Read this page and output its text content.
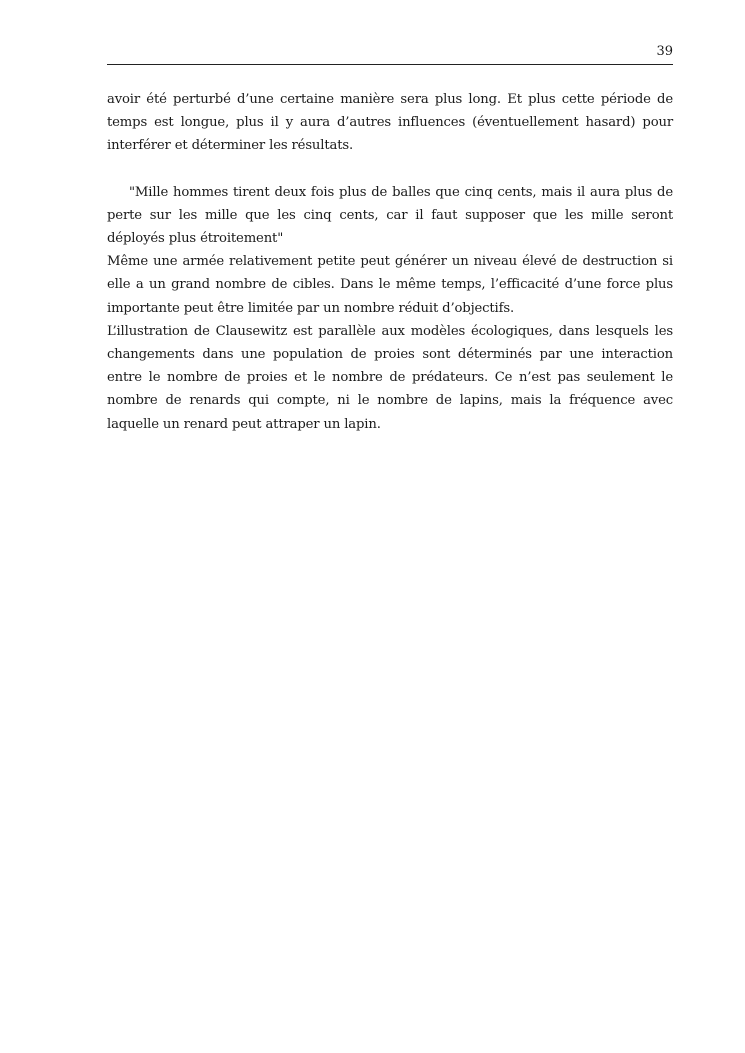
39

avoir été perturbé d’une certaine manière sera plus long. Et plus cette période de temps est longue, plus il y aura d’autres influences (éventuellement hasard) pour interférer et déterminer les résultats.

"Mille hommes tirent deux fois plus de balles que cinq cents, mais il aura plus de perte sur les mille que les cinq cents, car il faut supposer que les mille seront déployés plus étroitement"

Même une armée relativement petite peut générer un niveau élevé de destruction si elle a un grand nombre de cibles. Dans le même temps, l’efficacité d’une force plus importante peut être limitée par un nombre réduit d’objectifs.

L’illustration de Clausewitz est parallèle aux modèles écologiques, dans lesquels les changements dans une population de proies sont déterminés par une interaction entre le nombre de proies et le nombre de prédateurs. Ce n’est pas seulement le nombre de renards qui compte, ni le nombre de lapins, mais la fréquence avec laquelle un renard peut attraper un lapin.
